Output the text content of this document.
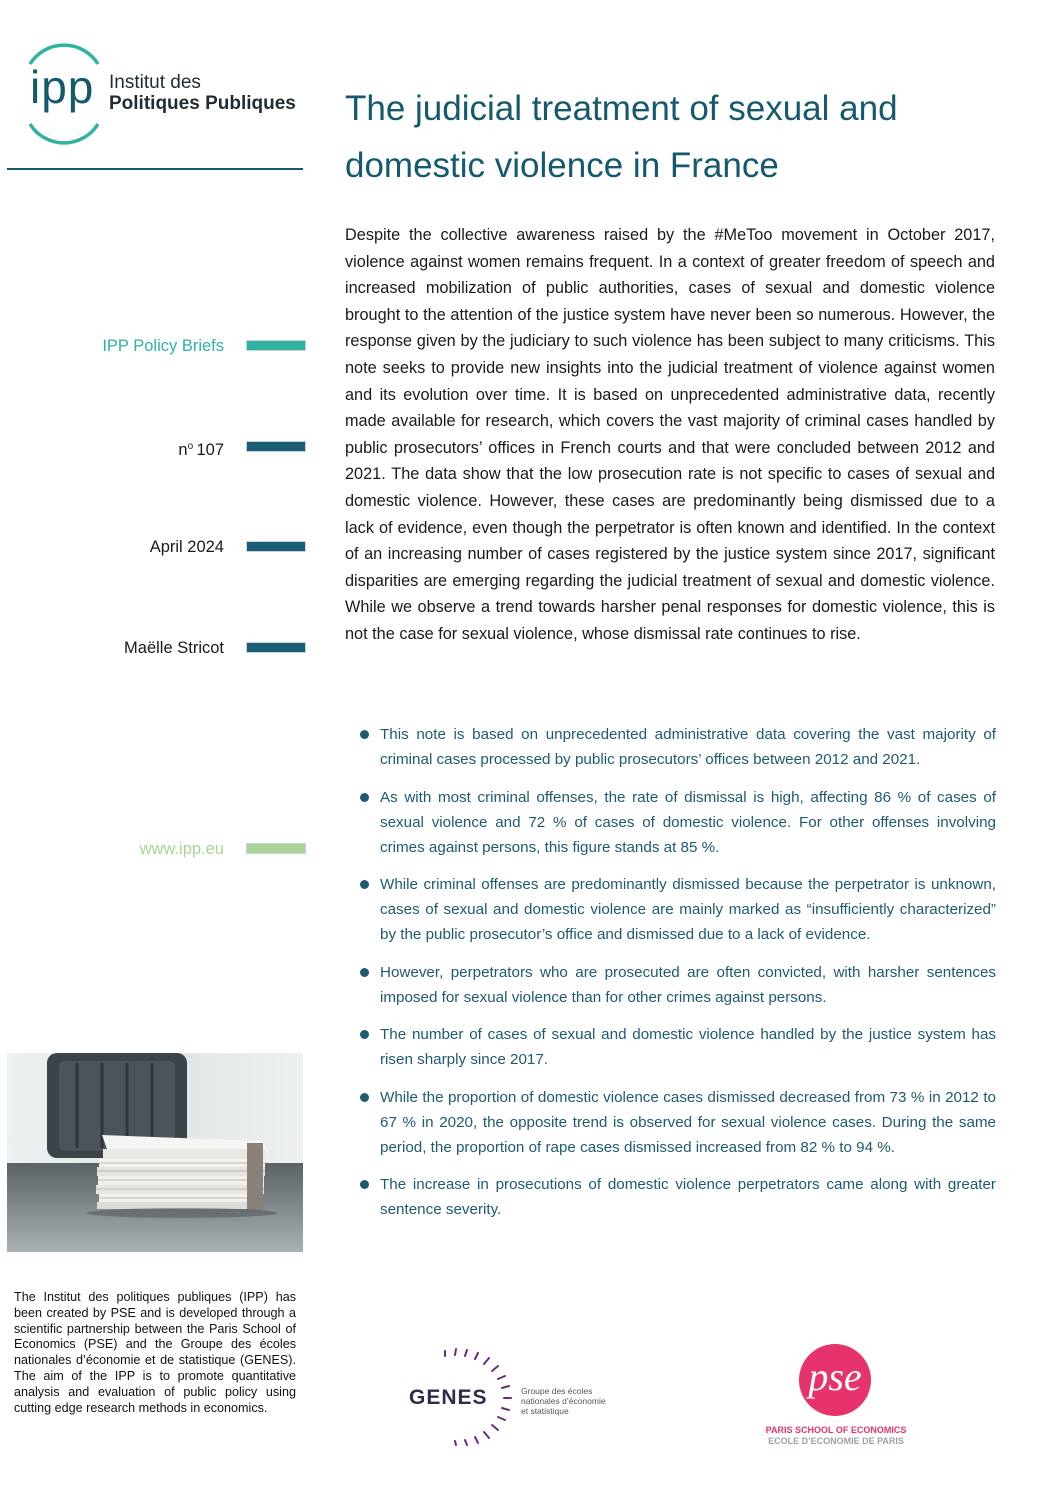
ipp Institut des
Politiques Publiques The judicial treatment of sexual and domestic violence in France

Despite the collective awareness raised by the #MeToo movement in October 2017, violence against women remains frequent. In a context of greater freedom of speech and increased mobilization of public authorities, cases of sexual and domestic violence brought to the attention of the justice system have never been so numerous. However, the response given by the judiciary to such violence has been subject to many criticisms. This note seeks to provide new insights into the judicial treatment of violence against women and its evolution over time. It is based on unprecedented administrative data, recently made available for research, which covers the vast majority of criminal cases handled by public prosecutors’ offices in French courts and that were concluded between 2012 and 2021. The data show that the low prosecution rate is not specific to cases of sexual and domestic violence. However, these cases are predominantly being dismissed due to a lack of evidence, even though the perpetrator is often known and identified. In the context of an increasing number of cases registered by the justice system since 2017, significant disparities are emerging regarding the judicial treatment of sexual and domestic violence. While we observe a trend towards harsher penal responses for domestic violence, this is not the case for sexual violence, whose dismissal rate continues to rise.

IPP Policy Briefs
$n^o$  107
April 2024
Maëlle Stricot
www.ipp.eu
This note is based on unprecedented administrative data covering the vast majority of criminal cases processed by public prosecutors’ offices between 2012 and 2021.
As with most criminal offenses, the rate of dismissal is high, affecting 86 % of cases of sexual violence and 72 % of cases of domestic violence. For other offenses involving crimes against persons, this figure stands at 85 %.
While criminal offenses are predominantly dismissed because the perpetrator is unknown, cases of sexual and domestic violence are mainly marked as “insufficiently characterized” by the public prosecutor’s office and dismissed due to a lack of evidence.
However, perpetrators who are prosecuted are often convicted, with harsher sentences imposed for sexual violence than for other crimes against persons.
The number of cases of sexual and domestic violence handled by the justice system has risen sharply since 2017.
While the proportion of domestic violence cases dismissed decreased from 73 % in 2012 to 67 % in 2020, the opposite trend is observed for sexual violence cases. During the same period, the proportion of rape cases dismissed increased from 82 % to 94 %.
The increase in prosecutions of domestic violence perpetrators came along with greater sentence severity.

The Institut des politiques publiques (IPP) has been created by PSE and is developed through a scientific partnership between the Paris School of Economics (PSE) and the Groupe des écoles nationales d’économie et de statistique (GENES). The aim of the IPP is to promote quantitative analysis and evaluation of public policy using cutting edge research methods in economics.	GENES	Groupe des écoles
nationales d’économie
et statistique
pse
PARIS SCHOOL OF ECONOMICS
ECOLE D’ECONOMIE DE PARIS
